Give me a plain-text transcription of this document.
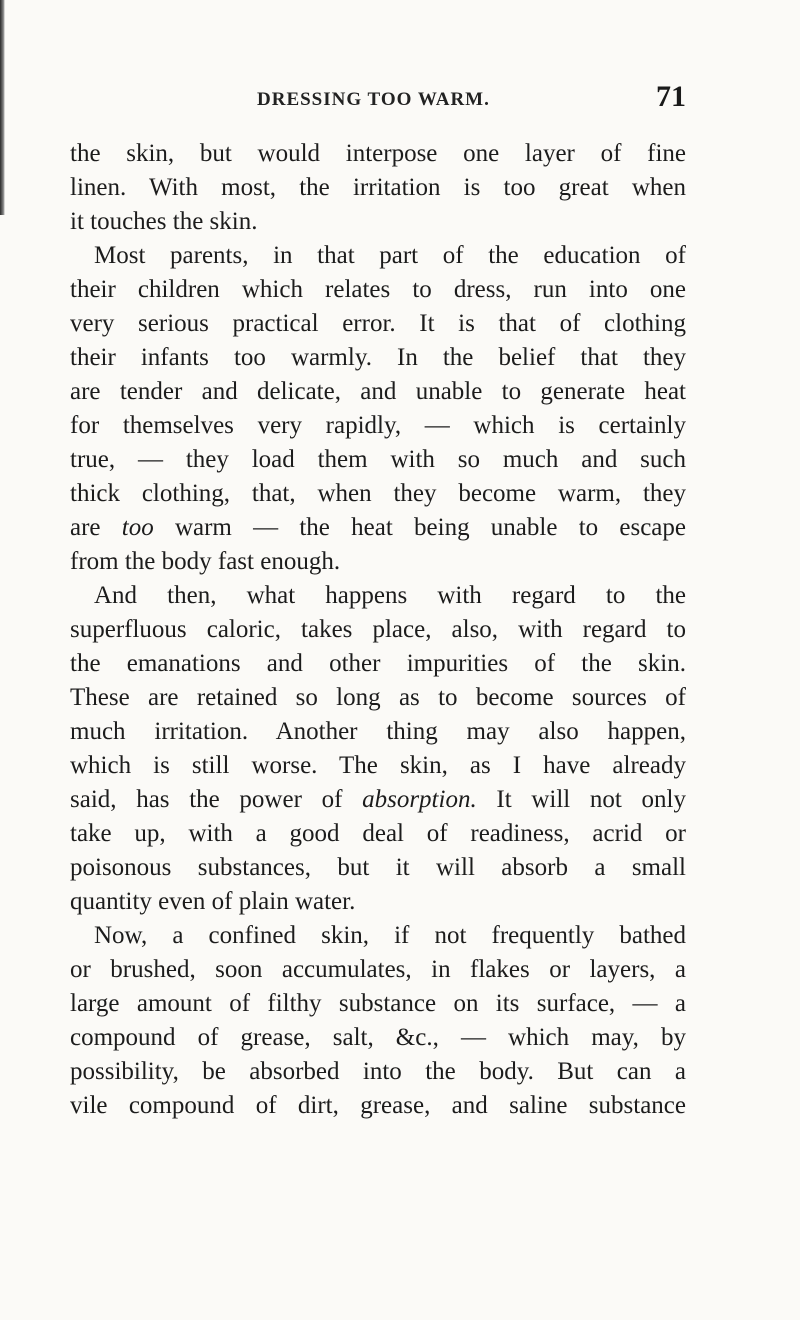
DRESSING TOO WARM.	71
the skin, but would interpose one layer of fine
linen. With most, the irritation is too great when
it touches the skin.
Most parents, in that part of the education of
their children which relates to dress, run into one
very serious practical error. It is that of clothing
their infants too warmly. In the belief that they
are tender and delicate, and unable to generate heat
for themselves very rapidly, — which is certainly
true, — they load them with so much and such
thick clothing, that, when they become warm, they
are too warm — the heat being unable to escape
from the body fast enough.
And then, what happens with regard to the
superfluous caloric, takes place, also, with regard to
the emanations and other impurities of the skin.
These are retained so long as to become sources of
much irritation. Another thing may also happen,
which is still worse. The skin, as I have already
said, has the power of absorption. It will not only
take up, with a good deal of readiness, acrid or
poisonous substances, but it will absorb a small
quantity even of plain water.
Now, a confined skin, if not frequently bathed
or brushed, soon accumulates, in flakes or layers, a
large amount of filthy substance on its surface, — a
compound of grease, salt, &c., — which may, by
possibility, be absorbed into the body. But can a
vile compound of dirt, grease, and saline substance
